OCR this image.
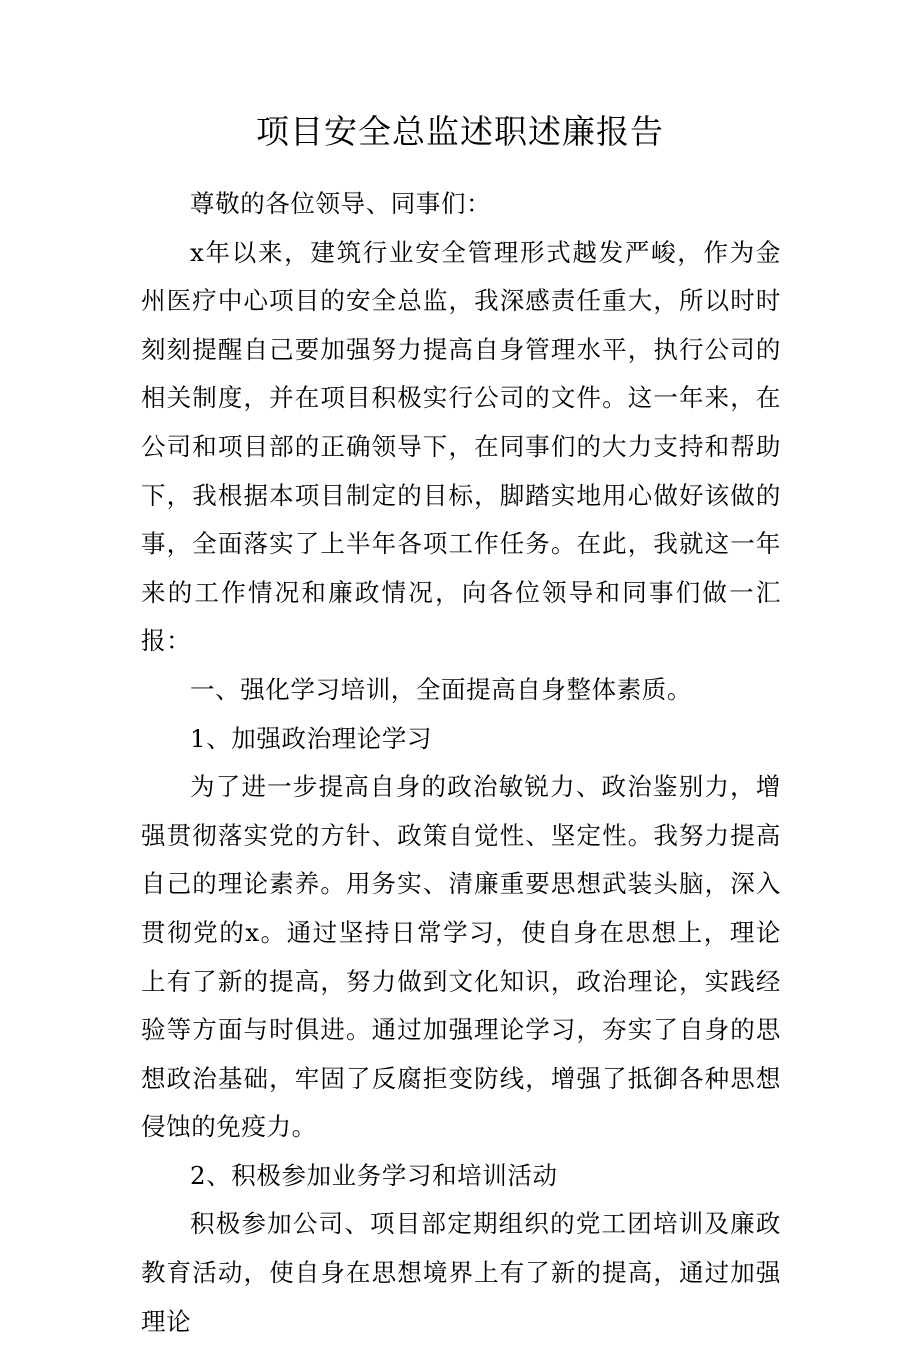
项目安全总监述职述廉报告

尊敬的各位领导、同事们：

x年以来，建筑行业安全管理形式越发严峻，作为金州医疗中心项目的安全总监，我深感责任重大，所以时时刻刻提醒自己要加强努力提高自身管理水平，执行公司的相关制度，并在项目积极实行公司的文件。这一年来，在公司和项目部的正确领导下，在同事们的大力支持和帮助下，我根据本项目制定的目标，脚踏实地用心做好该做的事，全面落实了上半年各项工作任务。在此，我就这一年来的工作情况和廉政情况，向各位领导和同事们做一汇报：

一、强化学习培训，全面提高自身整体素质。

1、加强政治理论学习

为了进一步提高自身的政治敏锐力、政治鉴别力，增强贯彻落实党的方针、政策自觉性、坚定性。我努力提高自己的理论素养。用务实、清廉重要思想武装头脑，深入贯彻党的x。通过坚持日常学习，使自身在思想上，理论上有了新的提高，努力做到文化知识，政治理论，实践经验等方面与时俱进。通过加强理论学习，夯实了自身的思想政治基础，牢固了反腐拒变防线，增强了抵御各种思想侵蚀的免疫力。

2、积极参加业务学习和培训活动

积极参加公司、项目部定期组织的党工团培训及廉政教育活动，使自身在思想境界上有了新的提高，通过加强理论
